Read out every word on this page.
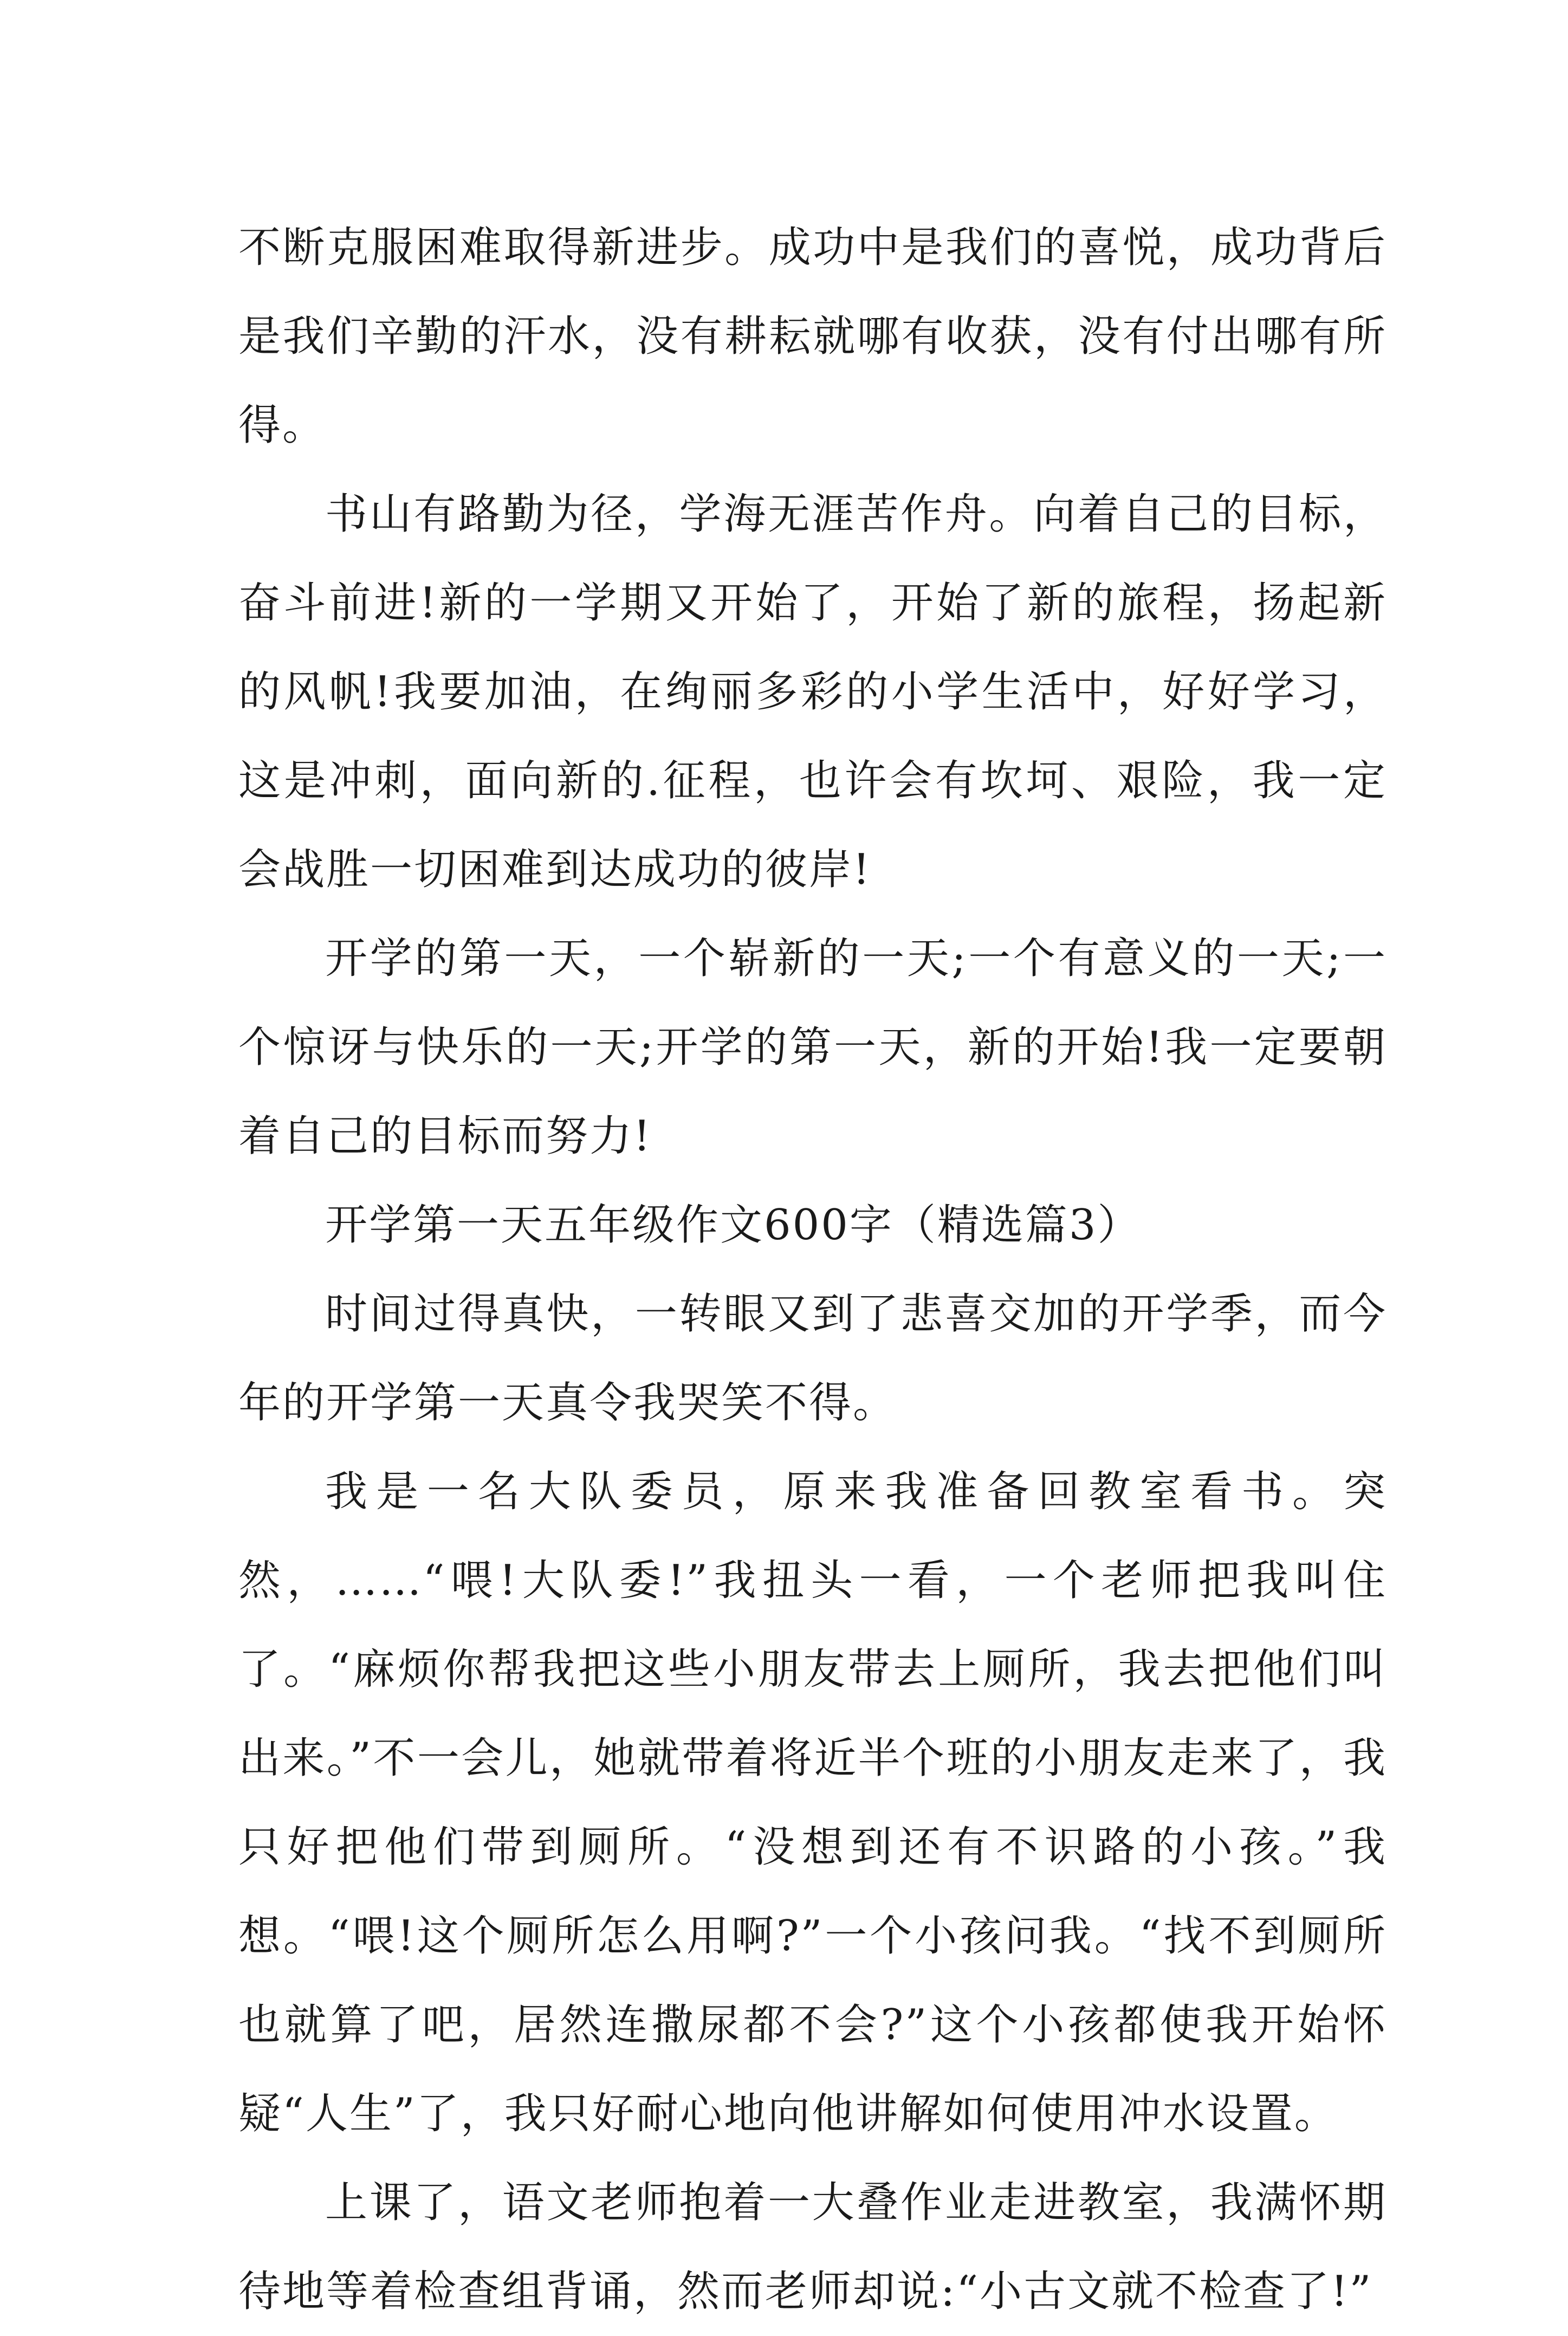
不断克服困难取得新进步。成功中是我们的喜悦，成功背后是我们辛勤的汗水，没有耕耘就哪有收获，没有付出哪有所得。

书山有路勤为径，学海无涯苦作舟。向着自己的目标，奋斗前进!新的一学期又开始了，开始了新的旅程，扬起新的风帆!我要加油，在绚丽多彩的小学生活中，好好学习，这是冲刺，面向新的.征程，也许会有坎坷、艰险，我一定会战胜一切困难到达成功的彼岸!

开学的第一天，一个崭新的一天;一个有意义的一天;一个惊讶与快乐的一天;开学的第一天，新的开始!我一定要朝着自己的目标而努力!

开学第一天五年级作文600字（精选篇3）

时间过得真快，一转眼又到了悲喜交加的开学季，而今年的开学第一天真令我哭笑不得。

我是一名大队委员，原来我准备回教室看书。突然，……“喂!大队委!”我扭头一看，一个老师把我叫住了。“麻烦你帮我把这些小朋友带去上厕所，我去把他们叫出来。”不一会儿，她就带着将近半个班的小朋友走来了，我只好把他们带到厕所。“没想到还有不识路的小孩。”我想。“喂!这个厕所怎么用啊?”一个小孩问我。“找不到厕所也就算了吧，居然连撒尿都不会?”这个小孩都使我开始怀疑“人生”了，我只好耐心地向他讲解如何使用冲水设置。

上课了，语文老师抱着一大叠作业走进教室，我满怀期待地等着检查组背诵，然而老师却说:“小古文就不检查了!”
